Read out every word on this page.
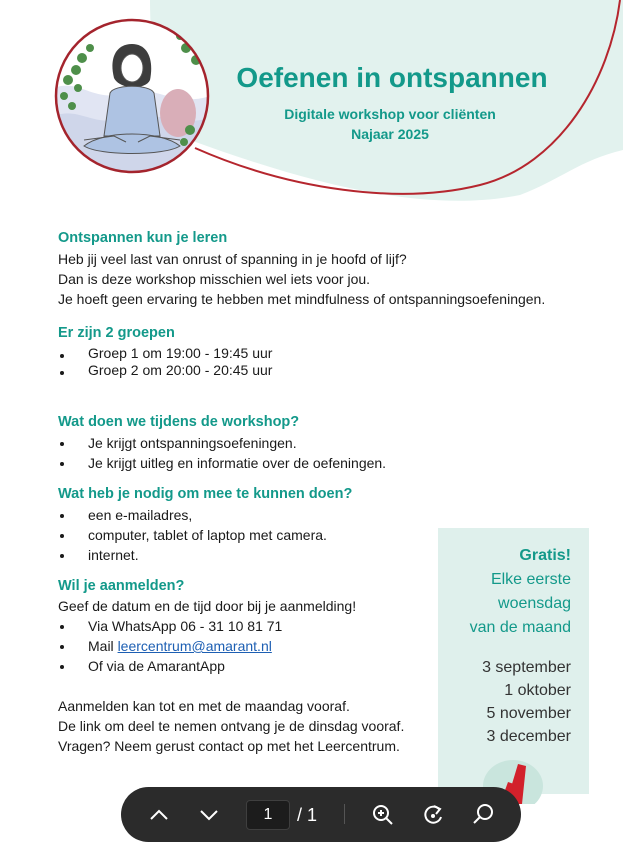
Oefenen in ontspannen
Digitale workshop voor cliënten
Najaar 2025

Ontspannen kun je leren

Heb jij veel last van onrust of spanning in je hoofd of lijf?

Dan is deze workshop misschien wel iets voor jou.

Je hoeft geen ervaring te hebben met mindfulness of ontspanningsoefeningen.

Er zijn 2 groepen

Groep 1 om 19:00 - 19:45 uur
Groep 2 om 20:00 - 20:45 uur

Wat doen we tijdens de workshop?

Je krijgt ontspanningsoefeningen.
Je krijgt uitleg en informatie over de oefeningen.

Wat heb je nodig om mee te kunnen doen?

een e-mailadres,
computer, tablet of laptop met camera.
internet.

Wil je aanmelden?

Geef de datum en de tijd door bij je aanmelding!

Via WhatsApp 06 - 31 10 81 71
Mail leercentrum@amarant.nl
Of via de AmarantApp

Aanmelden kan tot en met de maandag vooraf.

De link om deel te nemen ontvang je de dinsdag vooraf.

Vragen? Neem gerust contact op met het Leercentrum.

Gratis!

Elke eerste

woensdag

van de maand

3 september
1 oktober
5 november
3 december
1	/ 1
